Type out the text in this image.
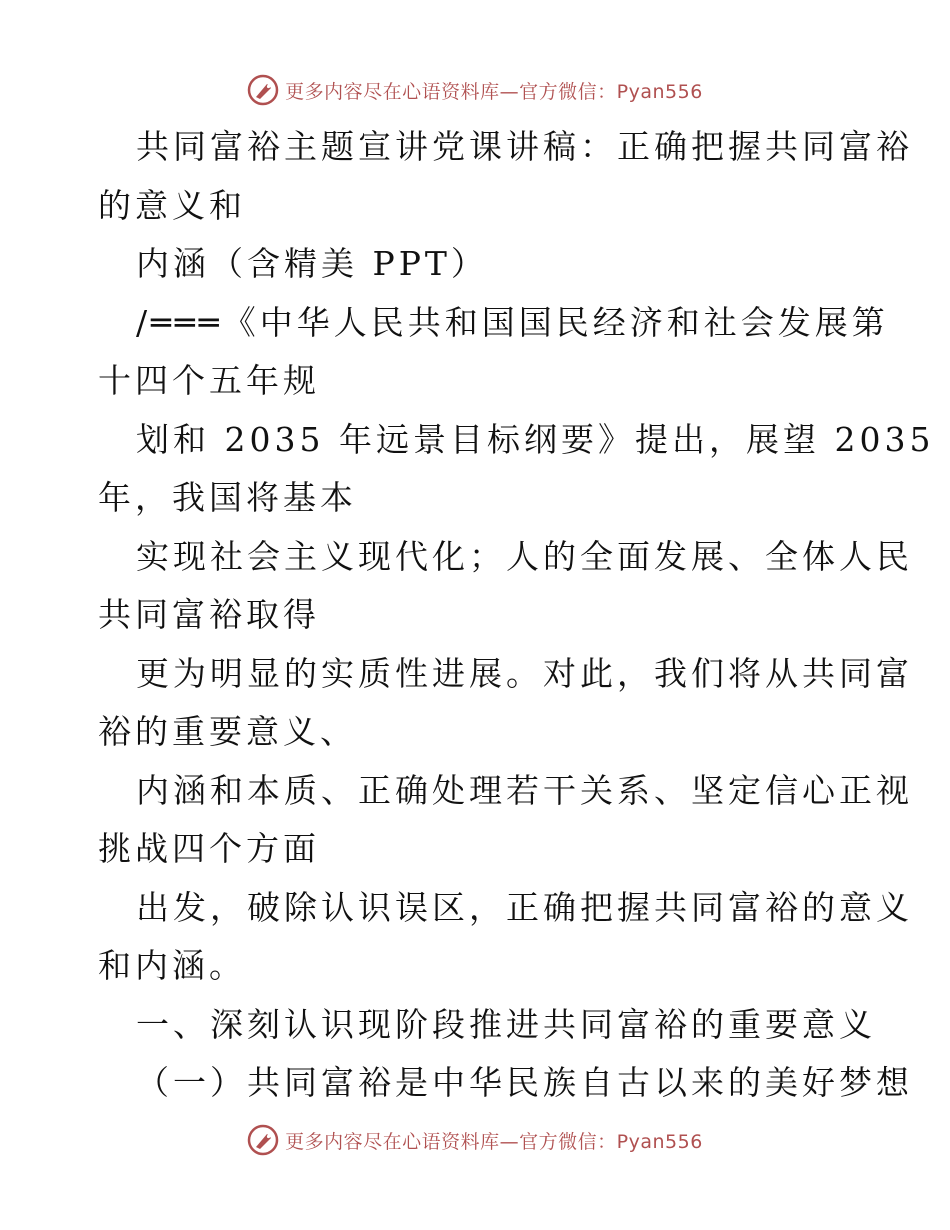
更多内容尽在心语资料库—官方微信：Pyan556
共同富裕主题宣讲党课讲稿：正确把握共同富裕
的意义和
内涵（含精美 PPT）
/═══《中华人民共和国国民经济和社会发展第
十四个五年规
划和 2035 年远景目标纲要》提出，展望 2035
年，我国将基本
实现社会主义现代化；人的全面发展、全体人民
共同富裕取得
更为明显的实质性进展。对此，我们将从共同富
裕的重要意义、
内涵和本质、正确处理若干关系、坚定信心正视
挑战四个方面
出发，破除认识误区，正确把握共同富裕的意义
和内涵。
一、深刻认识现阶段推进共同富裕的重要意义
（一）共同富裕是中华民族自古以来的美好梦想
更多内容尽在心语资料库—官方微信：Pyan556
